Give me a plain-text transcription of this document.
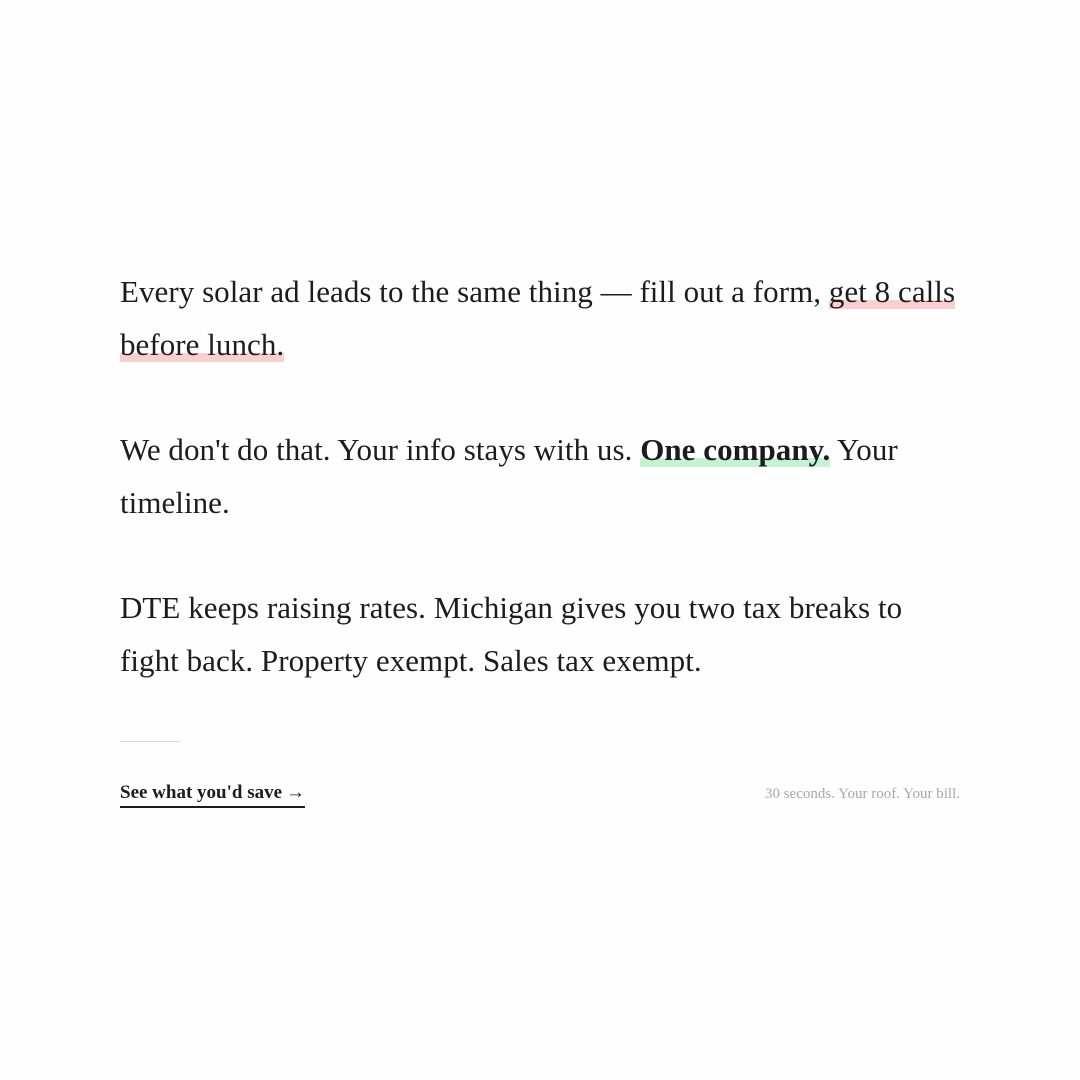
Every solar ad leads to the same thing — fill out a form, get 8 calls before lunch.

We don't do that. Your info stays with us. One company. Your timeline.

DTE keeps raising rates. Michigan gives you two tax breaks to fight back. Property exempt. Sales tax exempt.

See what you'd save →	30 seconds. Your roof. Your bill.
